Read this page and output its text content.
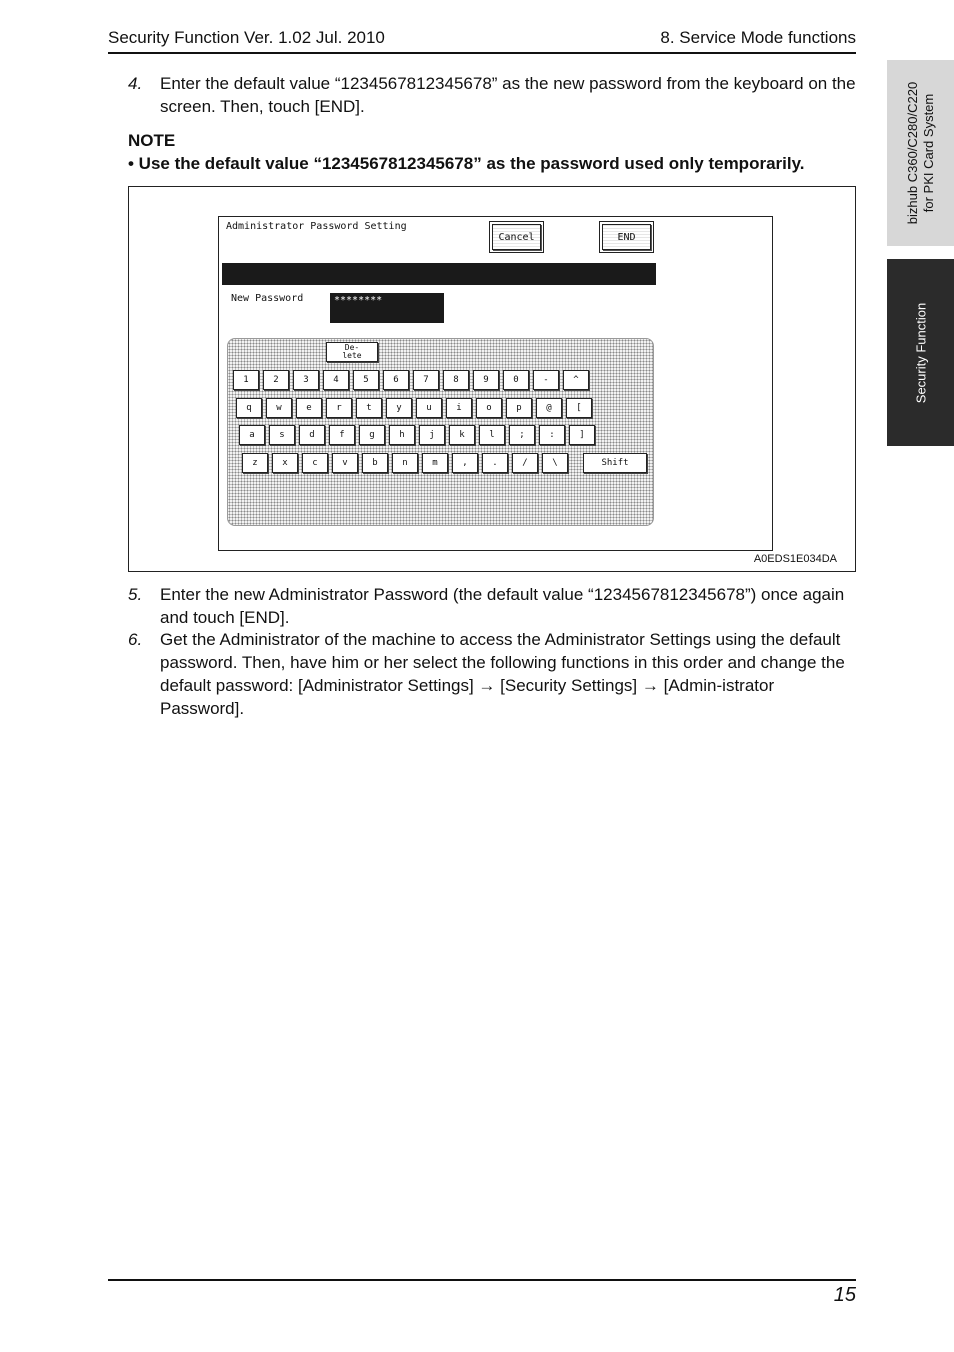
Security Function Ver. 1.02 Jul. 2010	8. Service Mode functions
bizhub C360/C280/C220 for PKI Card System
Security Function
4. Enter the default value “1234567812345678” as the new password from the keyboard on the screen. Then, touch [END].
NOTE
• Use the default value “1234567812345678” as the password used only temporarily.
Administrator Password Setting
Cancel	END
New Password	********
De-
lete
Shift
1	2	3	4	5	6	7	8	9	0	-	^
q	w	e	r	t	y	u	i	o	p	@	[
a	s	d	f	g	h	j	k	l	;	:	]
z	x	c	v	b	n	m	,	.	/	\
A0EDS1E034DA
5. Enter the new Administrator Password (the default value “1234567812345678”) once again and touch [END].
6. Get the Administrator of the machine to access the Administrator Settings using the default password. Then, have him or her select the following functions in this order and change the default password: [Administrator Settings] → [Security Settings] → [Admin-istrator Password].
15
